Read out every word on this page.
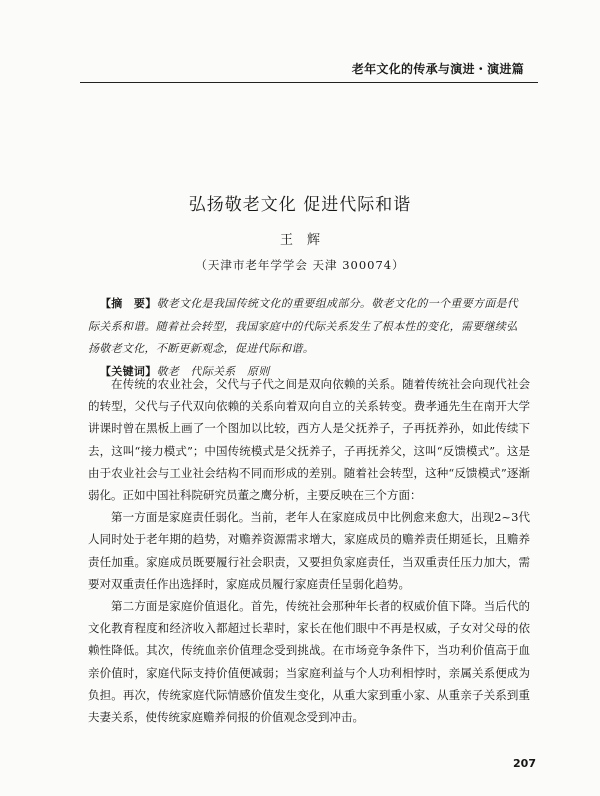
老年文化的传承与演进・演进篇
弘扬敬老文化 促进代际和谐
王辉
（天津市老年学学会 天津 300074）

【摘　要】敬老文化是我国传统文化的重要组成部分。敬老文化的一个重要方面是代际关系和谐。随着社会转型，我国家庭中的代际关系发生了根本性的变化，需要继续弘扬敬老文化，不断更新观念，促进代际和谐。

【关键词】敬老　代际关系　原则

在传统的农业社会，父代与子代之间是双向依赖的关系。随着传统社会向现代社会的转型，父代与子代双向依赖的关系向着双向自立的关系转变。费孝通先生在南开大学讲课时曾在黑板上画了一个图加以比较，西方人是父抚养子，子再抚养孙，如此传续下去，这叫“接力模式”；中国传统模式是父抚养子，子再抚养父，这叫“反馈模式”。这是由于农业社会与工业社会结构不同而形成的差别。随着社会转型，这种“反馈模式”逐渐弱化。正如中国社科院研究员董之鹰分析，主要反映在三个方面：

第一方面是家庭责任弱化。当前，老年人在家庭成员中比例愈来愈大，出现2~3代人同时处于老年期的趋势，对赡养资源需求增大，家庭成员的赡养责任期延长，且赡养责任加重。家庭成员既要履行社会职责，又要担负家庭责任，当双重责任压力加大，需要对双重责任作出选择时，家庭成员履行家庭责任呈弱化趋势。

第二方面是家庭价值退化。首先，传统社会那种年长者的权威价值下降。当后代的文化教育程度和经济收入都超过长辈时，家长在他们眼中不再是权威，子女对父母的依赖性降低。其次，传统血亲价值理念受到挑战。在市场竞争条件下，当功利价值高于血亲价值时，家庭代际支持价值便减弱；当家庭利益与个人功利相悖时，亲属关系便成为负担。再次，传统家庭代际情感价值发生变化，从重大家到重小家、从重亲子关系到重夫妻关系，使传统家庭赡养伺报的价值观念受到冲击。

207
